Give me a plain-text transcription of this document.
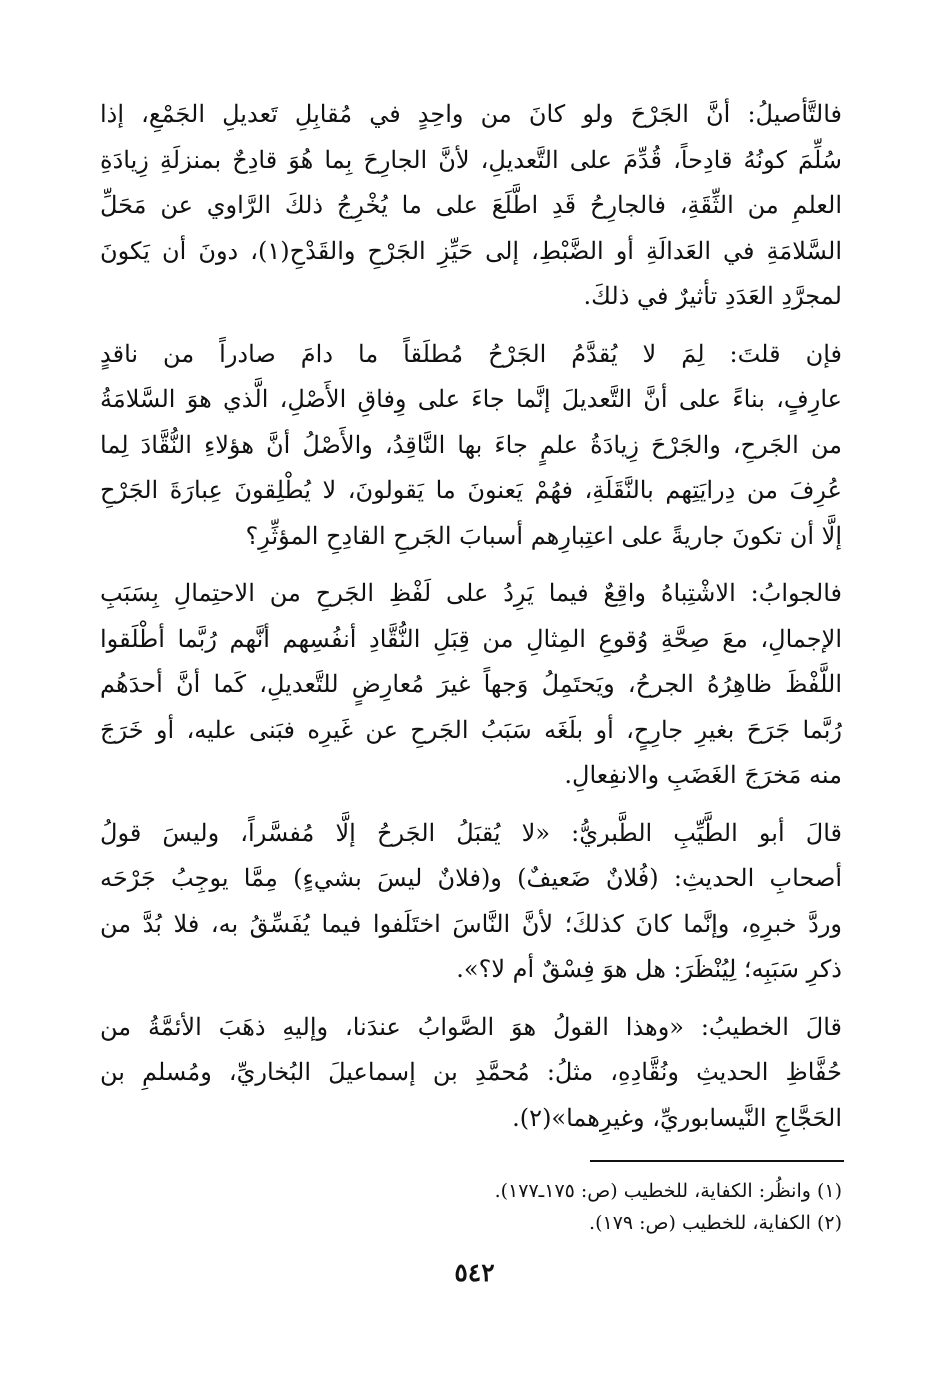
فالتَّأصيلُ: أنَّ الجَرْحَ ولو كانَ من واحِدٍ في مُقابِلِ تَعديلِ الجَمْعِ، إذا
سُلِّمَ كونُهُ قادِحاً، قُدِّمَ على التَّعديلِ، لأنَّ الجارِحَ بِما هُوَ قادِحٌ بمنزلَةِ زِيادَةِ
العلمِ من الثِّقَةِ، فالجارِحُ قَدِ اطَّلَعَ على ما يُخْرِجُ ذلكَ الرَّاوي عن مَحَلِّ
السَّلامَةِ في العَدالَةِ أو الضَّبْطِ، إلى حَيِّزِ الجَرْحِ والقَدْحِ(١)، دونَ أن يَكونَ
لمجرَّدِ العَدَدِ تأثيرٌ في ذلكَ.
فإن قلتَ: لِمَ لا يُقدَّمُ الجَرْحُ مُطلَقاً ما دامَ صادراً من ناقدٍ
عارِفٍ، بناءً على أنَّ التَّعديلَ إنَّما جاءَ على وِفاقِ الأَصْلِ، الَّذي هوَ السَّلامَةُ
من الجَرحِ، والجَرْحَ زِيادَةُ علمٍ جاءَ بها النَّاقِدُ، والأَصْلُ أنَّ هؤلاءِ النُّقَّادَ لِما
عُرِفَ من دِرايَتِهم بالنَّقَلَةِ، فهُمْ يَعنونَ ما يَقولونَ، لا يُطْلِقونَ عِبارَةَ الجَرْحِ
إلَّا أن تكونَ جاريةً على اعتِبارِهم أسبابَ الجَرحِ القادِحِ المؤثِّرِ؟
فالجوابُ: الاشْتِباهُ واقِعٌ فيما يَرِدُ على لَفْظِ الجَرحِ من الاحتِمالِ بِسَبَبِ
الإجمالِ، معَ صِحَّةِ وُقوعِ المِثالِ من قِبَلِ النُّقَّادِ أنفُسِهم أنَّهم رُبَّما أطْلَقوا
اللَّفْظَ ظاهِرُهُ الجرحُ، ويَحتَمِلُ وَجهاً غيرَ مُعارِضٍ للتَّعديلِ، كَما أنَّ أحدَهُم
رُبَّما جَرَحَ بغيرِ جارِحٍ، أو بلَغَه سَبَبُ الجَرحِ عن غَيرِه فبَنى عليه، أو خَرَجَ
منه مَخرَجَ الغَضَبِ والانفِعالِ.
قالَ أبو الطَّيِّبِ الطَّبريُّ: «لا يُقبَلُ الجَرحُ إلَّا مُفسَّراً، وليسَ قولُ
أصحابِ الحديثِ: (فُلانٌ ضَعيفٌ) و(فلانٌ ليسَ بشيءٍ) مِمَّا يوجِبُ جَرْحَه
وردَّ خبرِهِ، وإنَّما كانَ كذلكَ؛ لأنَّ النَّاسَ اختَلَفوا فيما يُفَسِّقُ به، فلا بُدَّ من
ذكرِ سَبَبِه؛ لِيُنْظَرَ: هل هوَ فِسْقٌ أم لا؟».
قالَ الخطيبُ: «وهذا القولُ هوَ الصَّوابُ عندَنا، وإليهِ ذهَبَ الأئمَّةُ من
حُفَّاظِ الحديثِ ونُقَّادِهِ، مثلُ: مُحمَّدِ بن إسماعيلَ البُخاريِّ، ومُسلمِ بن
الحَجَّاجِ النَّيسابوريِّ، وغيرِهما»(٢).
(١) وانظُر: الكفاية، للخطيب (ص: ١٧٥ـ١٧٧).
(٢) الكفاية، للخطيب (ص: ١٧٩).
٥٤٢
